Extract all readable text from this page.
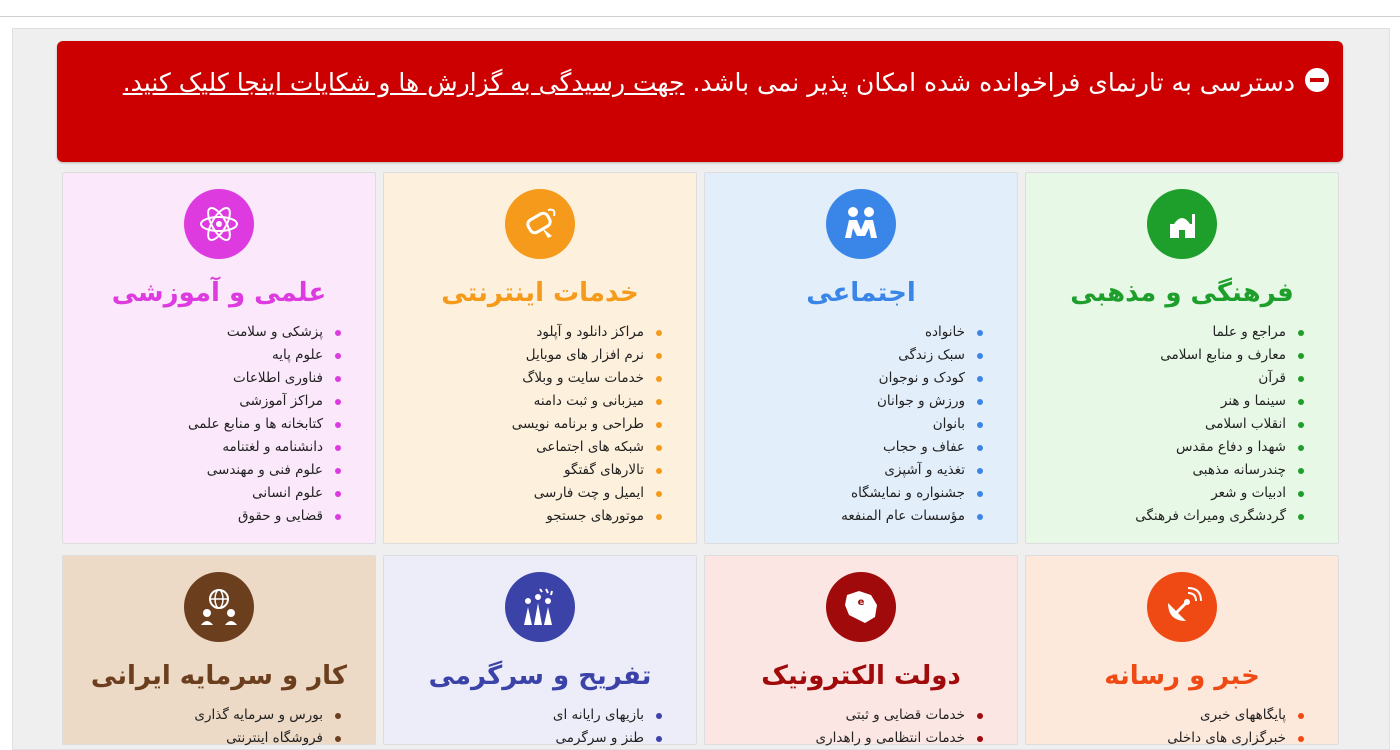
دسترسی به تارنمای فراخوانده شده امکان پذیر نمی باشد. جهت رسیدگی به گزارش ها و شکایات اینجا کلیک کنید.
فرهنگی و مذهبی
مراجع و علما
معارف و منابع اسلامی
قرآن
سینما و هنر
انقلاب اسلامی
شهدا و دفاع مقدس
چندرسانه مذهبی
ادبیات و شعر
گردشگری ومیراث فرهنگی
اجتماعی
خانواده
سبک زندگی
کودک و نوجوان
ورزش و جوانان
بانوان
عفاف و حجاب
تغذیه و آشپزی
جشنواره و نمایشگاه
مؤسسات عام المنفعه
خدمات اینترنتی
مراکز دانلود و آپلود
نرم افزار های موبایل
خدمات سایت و وبلاگ
میزبانی و ثبت دامنه
طراحی و برنامه نویسی
شبکه های اجتماعی
تالارهای گفتگو
ایمیل و چت فارسی
موتورهای جستجو
علمی و آموزشی
پزشکی و سلامت
علوم پایه
فناوری اطلاعات
مراکز آموزشی
کتابخانه ها و منابع علمی
دانشنامه و لغتنامه
علوم فنی و مهندسی
علوم انسانی
قضایی و حقوق
خبر و رسانه
پایگاههای خبری
خبرگزاری های داخلی
e
دولت الکترونیک
خدمات قضایی و ثبتی
خدمات انتظامی و راهداری
تفریح و سرگرمی
بازیهای رایانه ای
طنز و سرگرمی
کار و سرمایه ایرانی
بورس و سرمایه گذاری
فروشگاه اینترنتی
